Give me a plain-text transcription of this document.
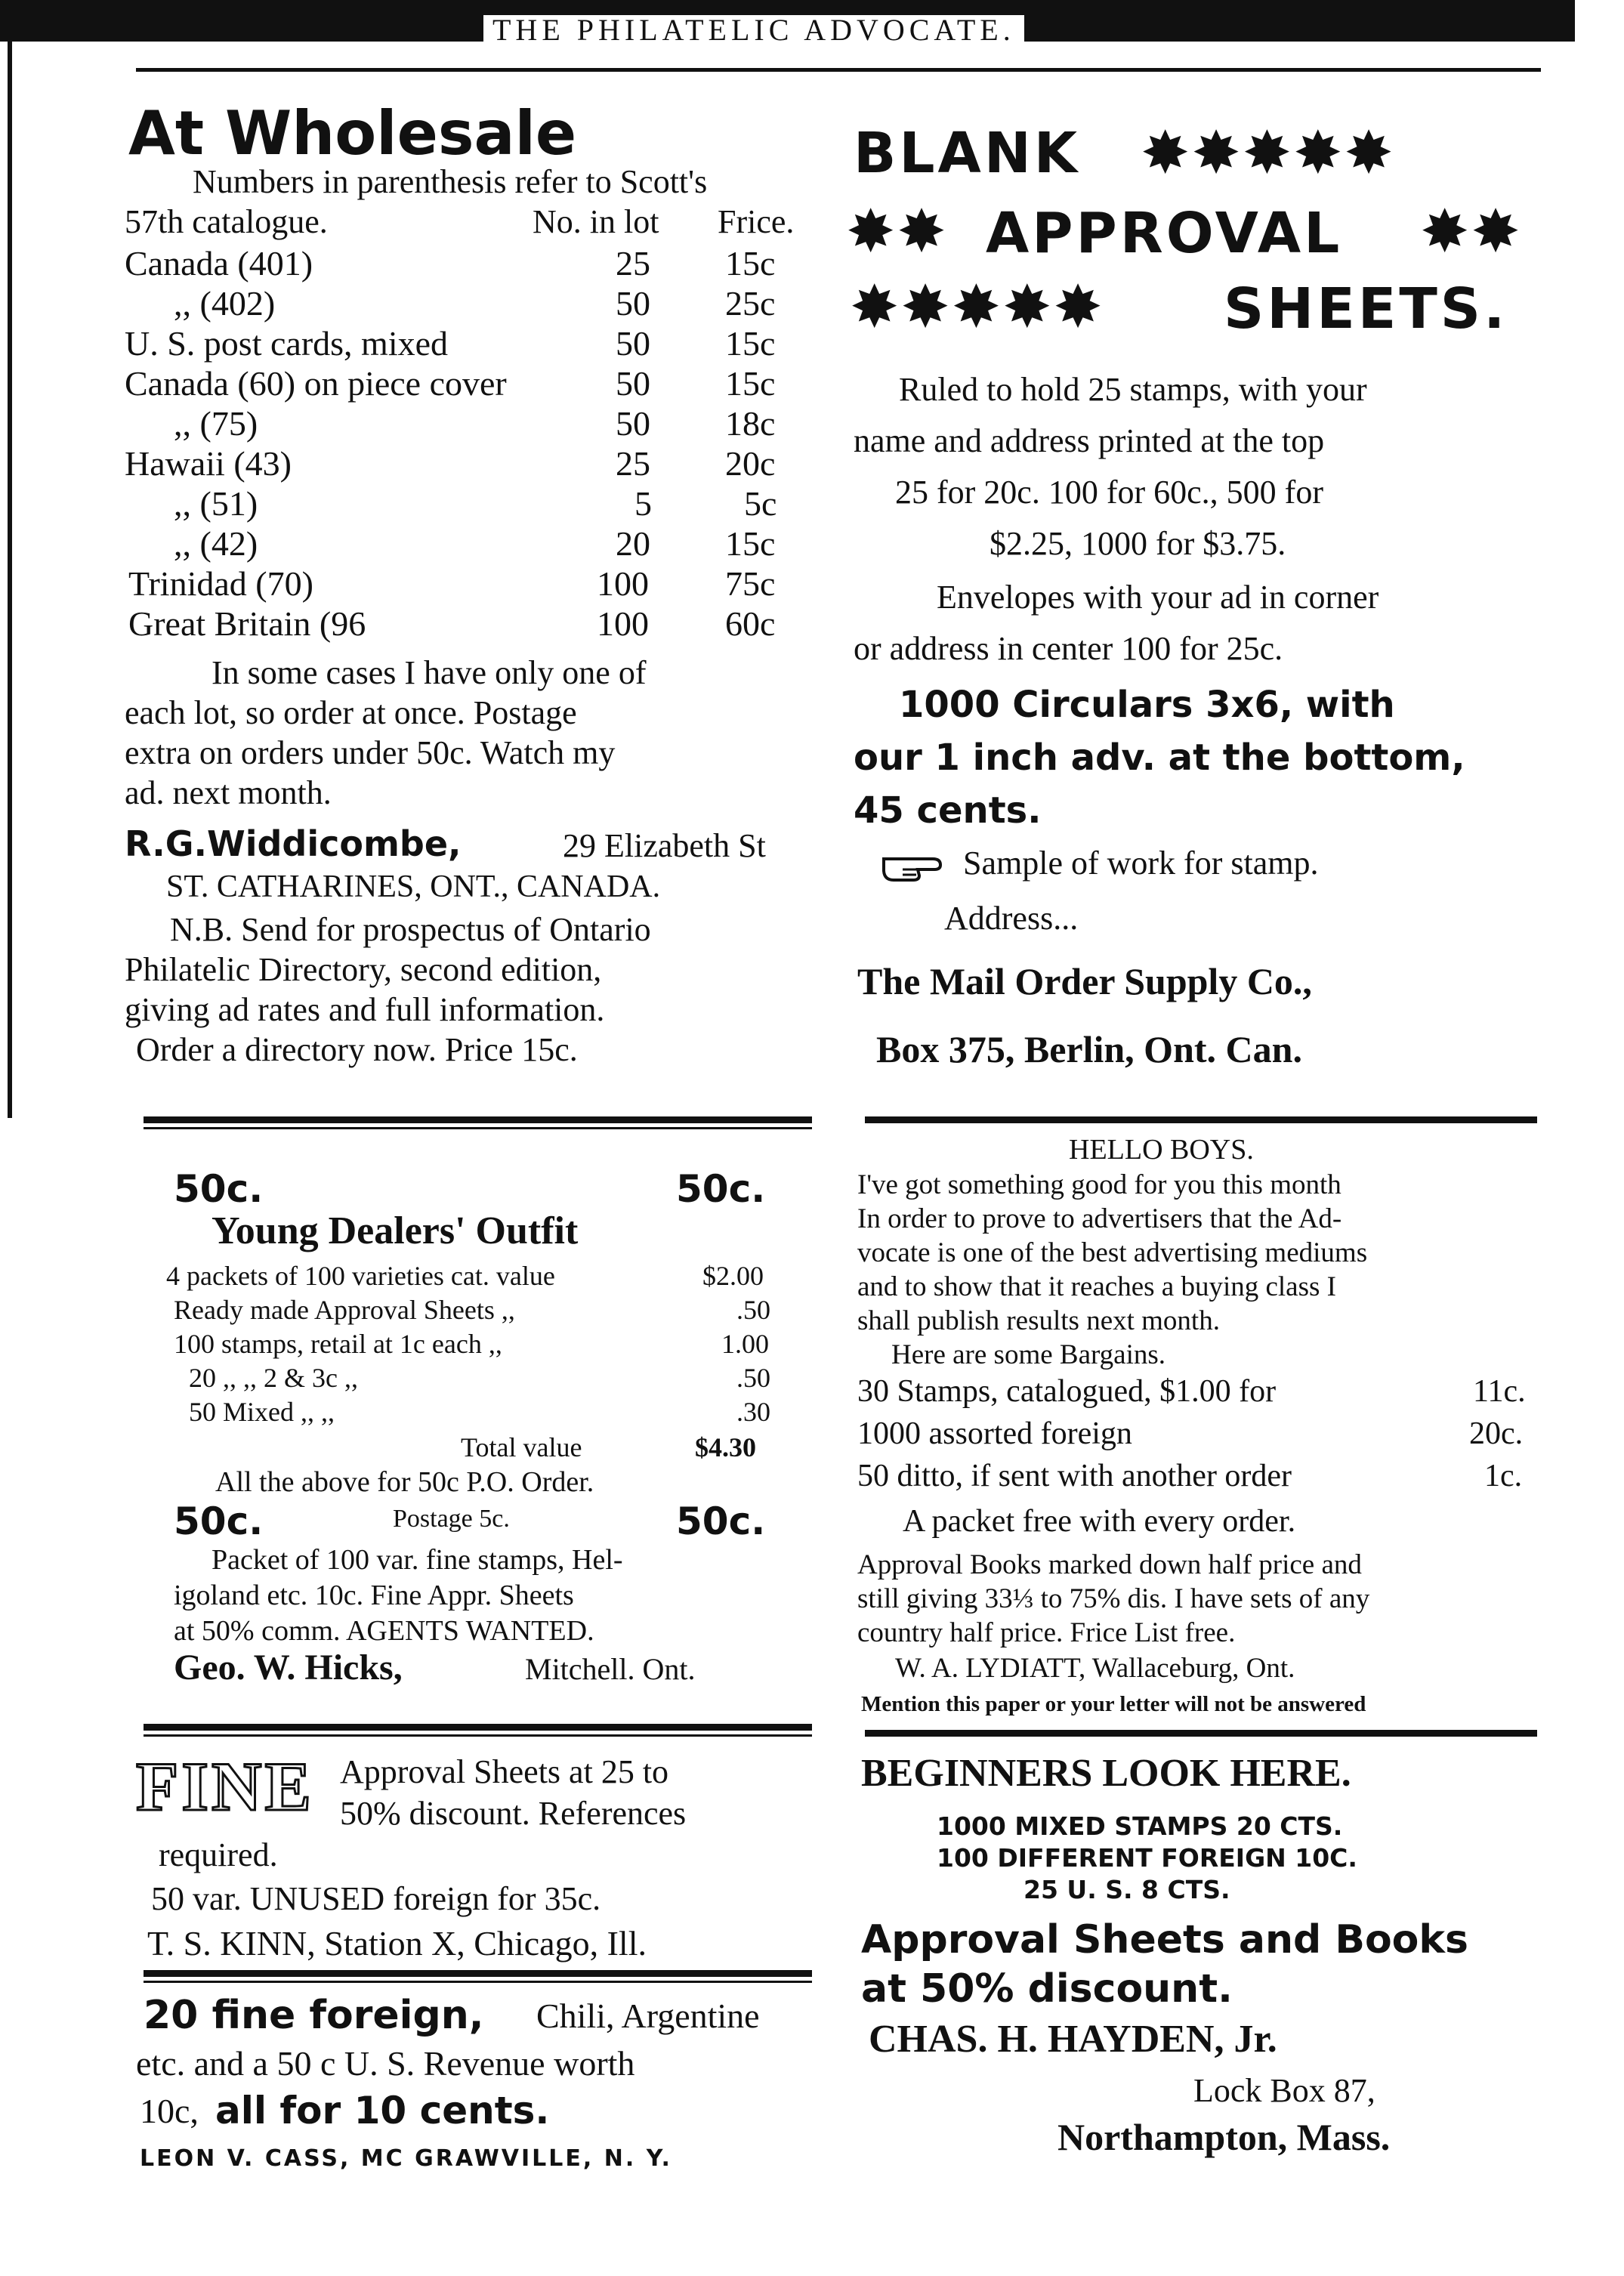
THE PHILATELIC ADVOCATE.
At Wholesale
Numbers in parenthesis refer to Scott's
57th catalogue.	No. in lot Frice.
Canada (401)	25 15c
,, (402)	50 25c
U. S. post cards, mixed	50 15c
Canada (60) on piece cover	50 15c
,, (75)	50 18c
Hawaii (43)	25 20c
,, (51)	5	5c
,, (42)	20 15c
Trinidad (70)	100 75c
Great Britain (96	100 60c
In some cases I have only one of
each lot, so order at once. Postage
extra on orders under 50c. Watch my
ad. next month.
R.G.Widdicombe,	29 Elizabeth St
ST. CATHARINES, ONT., CANADA.
N.B. Send for prospectus of Ontario
Philatelic Directory, second edition,
giving ad rates and full information.
Order a directory now. Price 15c.
BLANK ✸✸✸✸✸
✸✸ APPROVAL ✸✸
✸✸✸✸✸ SHEETS.
Ruled to hold 25 stamps, with your
name and address printed at the top
25 for 20c. 100 for 60c., 500 for
$2.25, 1000 for $3.75.
Envelopes with your ad in corner
or address in center 100 for 25c.
1000 Circulars 3x6, with
our 1 inch adv. at the bottom,
45 cents.
Sample of work for stamp.
Address...
The Mail Order Supply Co.,
Box 375, Berlin, Ont. Can.
50c.	50c.
Young Dealers' Outfit
4 packets of 100 varieties cat. value	$2.00
Ready made Approval Sheets ,,	.50
100 stamps, retail at 1c each ,,	1.00
20 ,, ,, 2 & 3c ,,	.50
50 Mixed ,, ,,	.30
Total value	$4.30
All the above for 50c P.O. Order.
50c.	Postage 5c.	50c.
Packet of 100 var. fine stamps, Hel-
igoland etc. 10c. Fine Appr. Sheets
at 50% comm. AGENTS WANTED.
Geo. W. Hicks,	Mitchell. Ont.
HELLO BOYS.
I've got something good for you this month
In order to prove to advertisers that the Ad-
vocate is one of the best advertising mediums
and to show that it reaches a buying class I
shall publish results next month.
Here are some Bargains.
30 Stamps, catalogued, $1.00 for	11c.
1000 assorted foreign	20c.
50 ditto, if sent with another order	1c.
A packet free with every order.
Approval Books marked down half price and
still giving 33⅓ to 75% dis. I have sets of any
country half price. Frice List free.
W. A. LYDIATT, Wallaceburg, Ont.
Mention this paper or your letter will not be answered
FINE Approval Sheets at 25 to
50% discount. References
required.
50 var. UNUSED foreign for 35c.
T. S. KINN, Station X, Chicago, Ill.
20 fine foreign, Chili, Argentine
etc. and a 50 c U. S. Revenue worth
10c, all for 10 cents.
LEON V. CASS, MC GRAWVILLE, N. Y.
BEGINNERS LOOK HERE.
1000 MIXED STAMPS 20 CTS.
100 DIFFERENT FOREIGN 10C.
25 U. S. 8 CTS.
Approval Sheets and Books
at 50% discount.
CHAS. H. HAYDEN, Jr.
Lock Box 87,
Northampton, Mass.
